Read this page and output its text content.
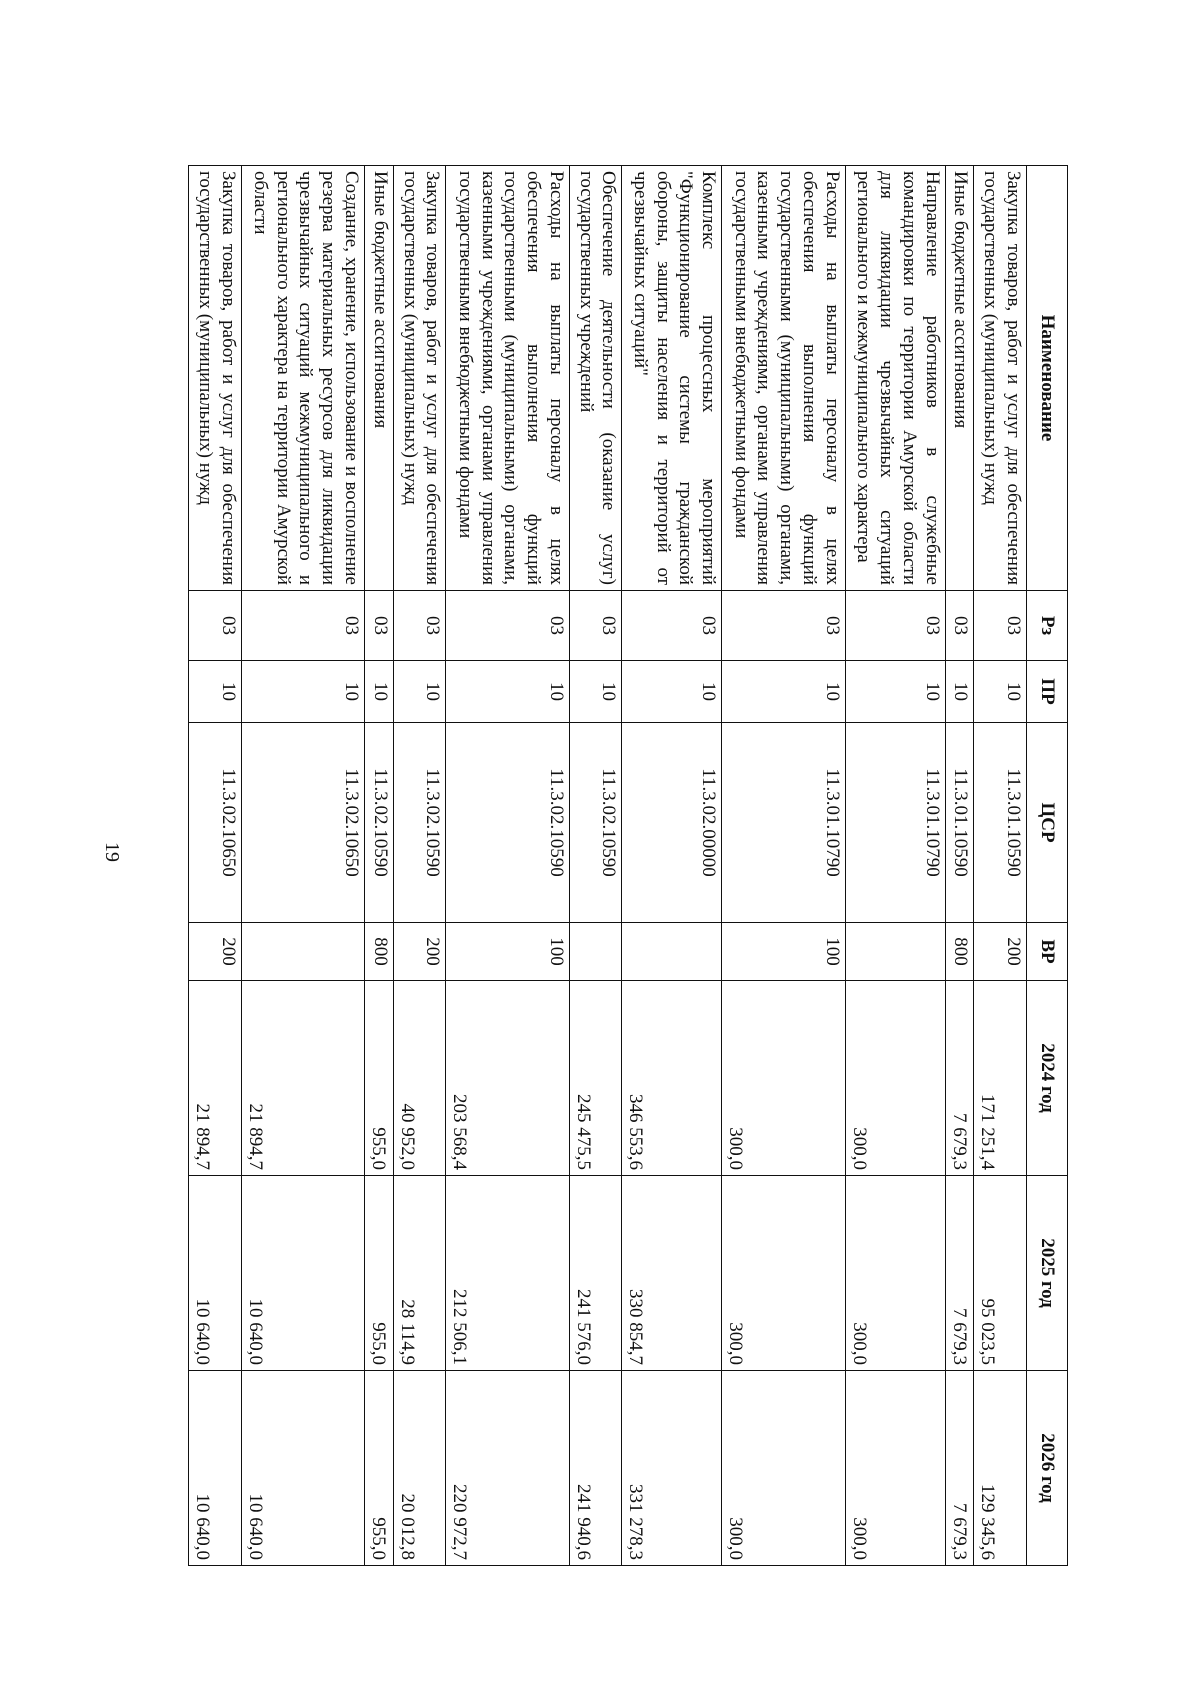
19
Наименование	Рз	ПР	ЦСР	ВР	2024 год	2025 год	2026 год
Закупка товаров, работ и услуг для обеспечения государственных (муниципальных) нужд	03	10	11.3.01.10590	200	171 251,4	95 023,5	129 345,6
Иные бюджетные ассигнования	03	10	11.3.01.10590	800	7 679,3	7 679,3	7 679,3
Направление работников в служебные командировки по территории Амурской области для ликвидации чрезвычайных ситуаций регионального и межмуниципального характера	03	10	11.3.01.10790		300,0	300,0	300,0
Расходы на выплаты персоналу в целях обеспечения выполнения функций государственными (муниципальными) органами, казенными учреждениями, органами управления государственными внебюджетными фондами	03	10	11.3.01.10790	100	300,0	300,0	300,0
Комплекс процессных мероприятий "Функционирование системы гражданской обороны, защиты населения и территорий от чрезвычайных ситуаций"	03	10	11.3.02.00000		346 553,6	330 854,7	331 278,3
Обеспечение деятельности (оказание услуг) государственных учреждений	03	10	11.3.02.10590		245 475,5	241 576,0	241 940,6
Расходы на выплаты персоналу в целях обеспечения выполнения функций государственными (муниципальными) органами, казенными учреждениями, органами управления государственными внебюджетными фондами	03	10	11.3.02.10590	100	203 568,4	212 506,1	220 972,7
Закупка товаров, работ и услуг для обеспечения государственных (муниципальных) нужд	03	10	11.3.02.10590	200	40 952,0	28 114,9	20 012,8
Иные бюджетные ассигнования	03	10	11.3.02.10590	800	955,0	955,0	955,0
Создание, хранение, использование и восполнение резерва материальных ресурсов для ликвидации чрезвычайных ситуаций межмуниципального и регионального характера на территории Амурской области	03	10	11.3.02.10650		21 894,7	10 640,0	10 640,0
Закупка товаров, работ и услуг для обеспечения государственных (муниципальных) нужд	03	10	11.3.02.10650	200	21 894,7	10 640,0	10 640,0
